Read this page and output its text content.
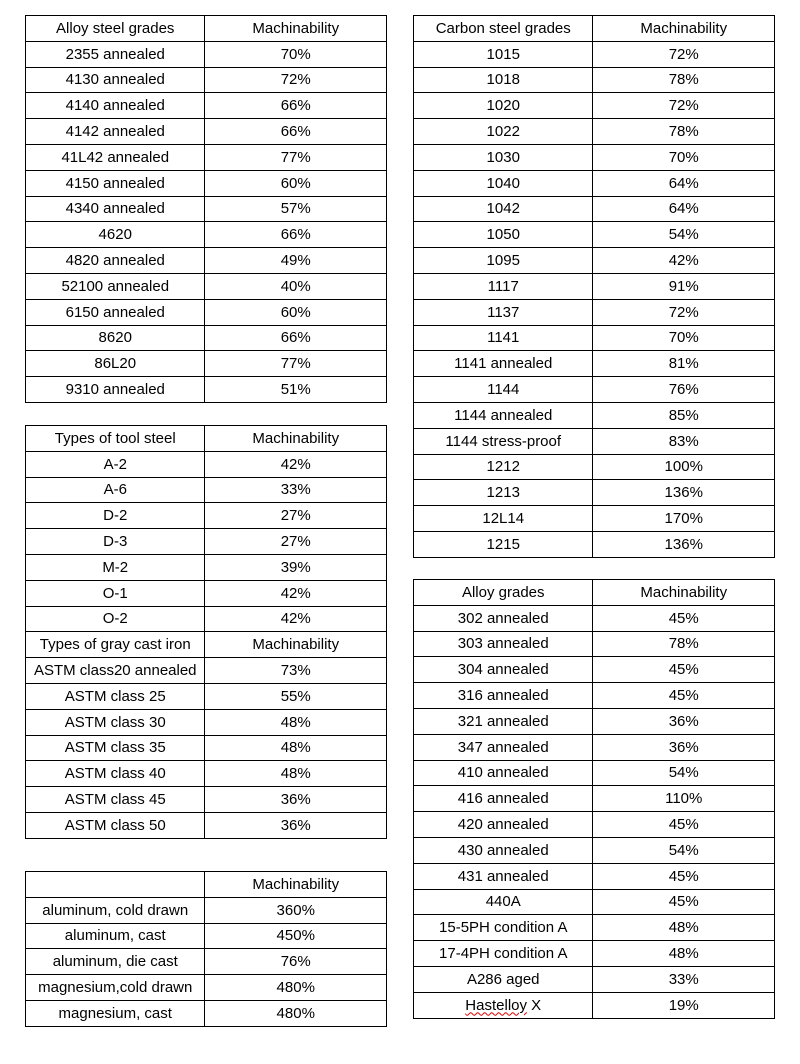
Alloy steel grades	Machinability
2355 annealed	70%
4130 annealed	72%
4140 annealed	66%
4142 annealed	66%
41L42 annealed	77%
4150 annealed	60%
4340 annealed	57%
4620	66%
4820 annealed	49%
52100 annealed	40%
6150 annealed	60%
8620	66%
86L20	77%
9310 annealed	51%
Types of tool steel	Machinability
A-2	42%
A-6	33%
D-2	27%
D-3	27%
M-2	39%
O-1	42%
O-2	42%
Types of gray cast iron	Machinability
ASTM class20 annealed	73%
ASTM class 25	55%
ASTM class 30	48%
ASTM class 35	48%
ASTM class 40	48%
ASTM class 45	36%
ASTM class 50	36%
	Machinability
aluminum, cold drawn	360%
aluminum, cast	450%
aluminum, die cast	76%
magnesium,cold drawn	480%
magnesium, cast	480%
Carbon steel grades	Machinability
1015	72%
1018	78%
1020	72%
1022	78%
1030	70%
1040	64%
1042	64%
1050	54%
1095	42%
1117	91%
1137	72%
1141	70%
1141 annealed	81%
1144	76%
1144 annealed	85%
1144 stress-proof	83%
1212	100%
1213	136%
12L14	170%
1215	136%
Alloy grades	Machinability
302 annealed	45%
303 annealed	78%
304 annealed	45%
316 annealed	45%
321 annealed	36%
347 annealed	36%
410 annealed	54%
416 annealed	110%
420 annealed	45%
430 annealed	54%
431 annealed	45%
440A	45%
15-5PH condition A	48%
17-4PH condition A	48%
A286 aged	33%
Hastelloy X	19%
